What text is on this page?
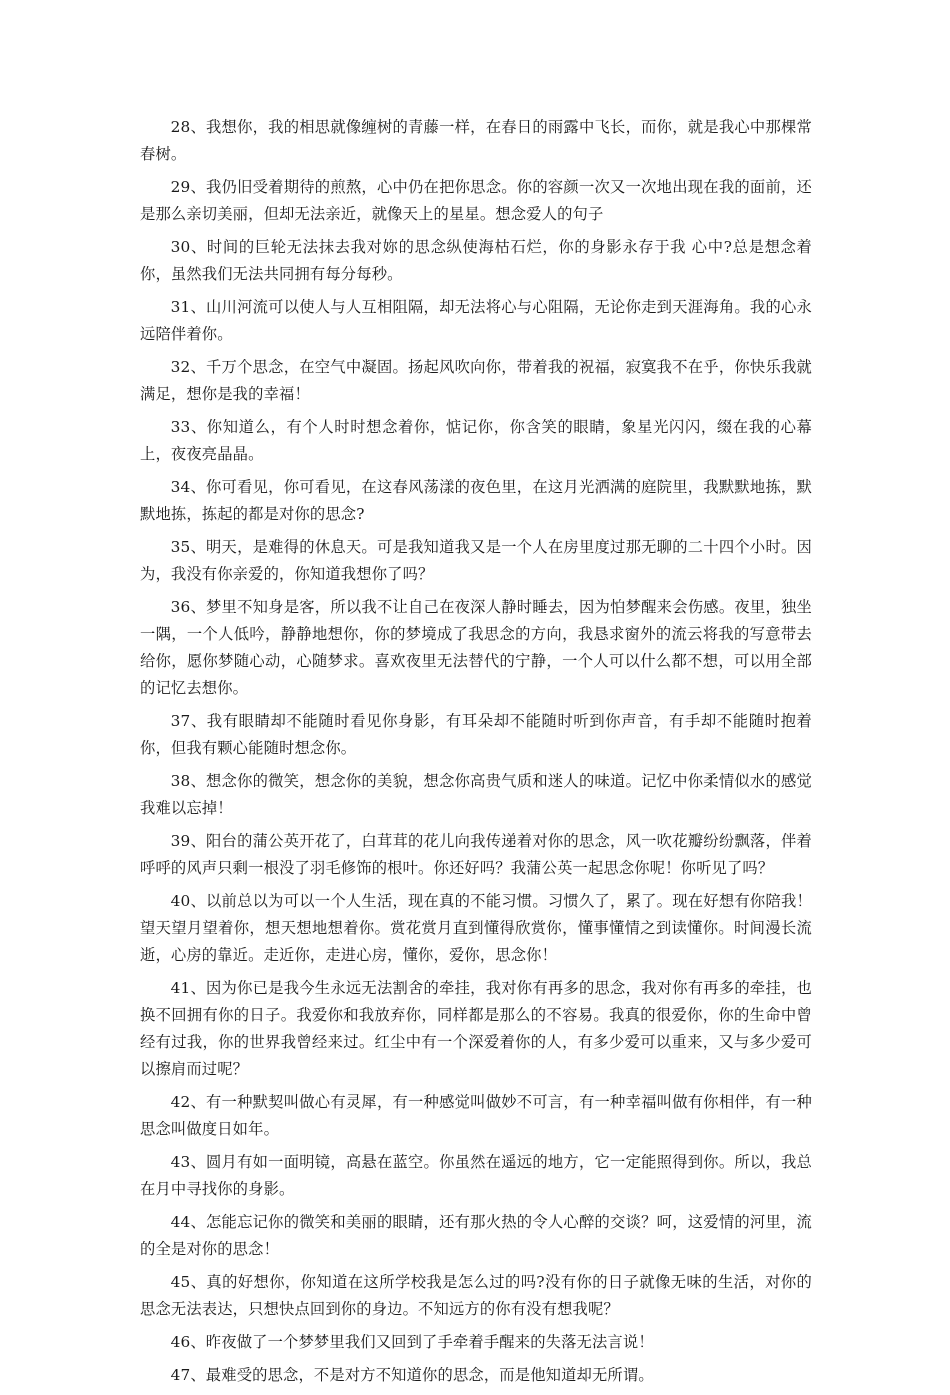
28、我想你，我的相思就像缠树的青藤一样，在春日的雨露中飞长，而你，就是我心中那棵常春树。

29、我仍旧受着期待的煎熬，心中仍在把你思念。你的容颜一次又一次地出现在我的面前，还是那么亲切美丽，但却无法亲近，就像天上的星星。想念爱人的句子

30、时间的巨轮无法抹去我对妳的思念纵使海枯石烂，你的身影永存于我 心中?总是想念着你，虽然我们无法共同拥有每分每秒。

31、山川河流可以使人与人互相阻隔，却无法将心与心阻隔，无论你走到天涯海角。我的心永远陪伴着你。

32、千万个思念，在空气中凝固。扬起风吹向你，带着我的祝福，寂寞我不在乎，你快乐我就满足，想你是我的幸福！

33、你知道么，有个人时时想念着你，惦记你，你含笑的眼睛，象星光闪闪，缀在我的心幕上，夜夜亮晶晶。

34、你可看见，你可看见，在这春风荡漾的夜色里，在这月光洒满的庭院里，我默默地拣，默默地拣，拣起的都是对你的思念?

35、明天，是难得的休息天。可是我知道我又是一个人在房里度过那无聊的二十四个小时。因为，我没有你亲爱的，你知道我想你了吗？

36、梦里不知身是客，所以我不让自己在夜深人静时睡去，因为怕梦醒来会伤感。夜里，独坐一隅，一个人低吟，静静地想你，你的梦境成了我思念的方向，我恳求窗外的流云将我的写意带去给你，愿你梦随心动，心随梦求。喜欢夜里无法替代的宁静，一个人可以什么都不想，可以用全部的记忆去想你。

37、我有眼睛却不能随时看见你身影，有耳朵却不能随时听到你声音，有手却不能随时抱着你，但我有颗心能随时想念你。

38、想念你的微笑，想念你的美貌，想念你高贵气质和迷人的味道。记忆中你柔情似水的感觉我难以忘掉！

39、阳台的蒲公英开花了，白茸茸的花儿向我传递着对你的思念，风一吹花瓣纷纷飘落，伴着呼呼的风声只剩一根没了羽毛修饰的根叶。你还好吗？我蒲公英一起思念你呢！你听见了吗？

40、以前总以为可以一个人生活，现在真的不能习惯。习惯久了，累了。现在好想有你陪我！望天望月望着你，想天想地想着你。赏花赏月直到懂得欣赏你，懂事懂情之到读懂你。时间漫长流逝，心房的靠近。走近你，走进心房，懂你，爱你，思念你！

41、因为你已是我今生永远无法割舍的牵挂，我对你有再多的思念，我对你有再多的牵挂，也换不回拥有你的日子。我爱你和我放弃你，同样都是那么的不容易。我真的很爱你，你的生命中曾经有过我，你的世界我曾经来过。红尘中有一个深爱着你的人，有多少爱可以重来，又与多少爱可以擦肩而过呢？

42、有一种默契叫做心有灵犀，有一种感觉叫做妙不可言，有一种幸福叫做有你相伴，有一种思念叫做度日如年。

43、圆月有如一面明镜，高悬在蓝空。你虽然在遥远的地方，它一定能照得到你。所以，我总在月中寻找你的身影。

44、怎能忘记你的微笑和美丽的眼睛，还有那火热的令人心醉的交谈？呵，这爱情的河里，流的全是对你的思念！

45、真的好想你，你知道在这所学校我是怎么过的吗?没有你的日子就像无味的生活，对你的思念无法表达，只想快点回到你的身边。不知远方的你有没有想我呢？

46、昨夜做了一个梦梦里我们又回到了手牵着手醒来的失落无法言说！

47、最难受的思念，不是对方不知道你的思念，而是他知道却无所谓。
